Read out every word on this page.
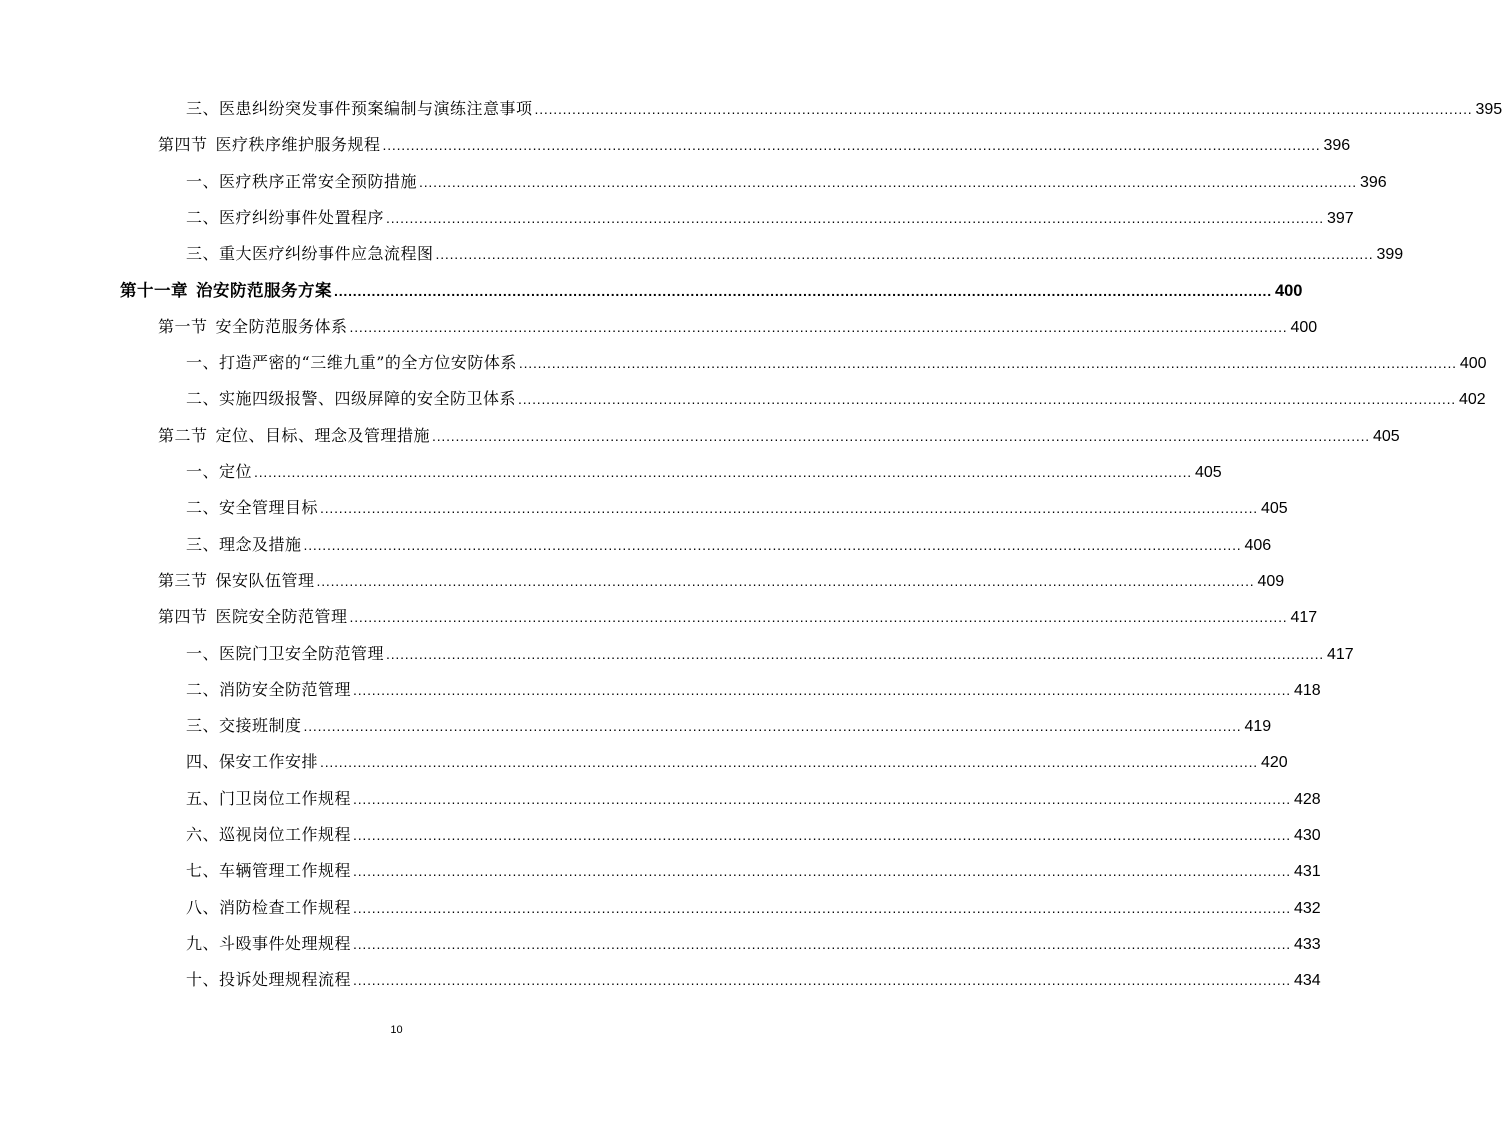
三、医患纠纷突发事件预案编制与演练注意事项 ........................................................................................................................................................................................................ 395
第四节 医疗秩序维护服务规程 ........................................................................................................................................................................................................ 396
一、医疗秩序正常安全预防措施 ........................................................................................................................................................................................................ 396
二、医疗纠纷事件处置程序 ........................................................................................................................................................................................................ 397
三、重大医疗纠纷事件应急流程图 ........................................................................................................................................................................................................ 399
第十一章 治安防范服务方案 ........................................................................................................................................................................................................ 400
第一节 安全防范服务体系 ........................................................................................................................................................................................................ 400
一、打造严密的“三维九重”的全方位安防体系 ........................................................................................................................................................................................................ 400
二、实施四级报警、四级屏障的安全防卫体系 ........................................................................................................................................................................................................ 402
第二节 定位、目标、理念及管理措施 ........................................................................................................................................................................................................ 405
一、定位 ........................................................................................................................................................................................................ 405
二、安全管理目标 ........................................................................................................................................................................................................ 405
三、理念及措施 ........................................................................................................................................................................................................ 406
第三节 保安队伍管理 ........................................................................................................................................................................................................ 409
第四节 医院安全防范管理 ........................................................................................................................................................................................................ 417
一、医院门卫安全防范管理 ........................................................................................................................................................................................................ 417
二、消防安全防范管理 ........................................................................................................................................................................................................ 418
三、交接班制度 ........................................................................................................................................................................................................ 419
四、保安工作安排 ........................................................................................................................................................................................................ 420
五、门卫岗位工作规程 ........................................................................................................................................................................................................ 428
六、巡视岗位工作规程 ........................................................................................................................................................................................................ 430
七、车辆管理工作规程 ........................................................................................................................................................................................................ 431
八、消防检查工作规程 ........................................................................................................................................................................................................ 432
九、斗殴事件处理规程 ........................................................................................................................................................................................................ 433
十、投诉处理规程流程 ........................................................................................................................................................................................................ 434
10
